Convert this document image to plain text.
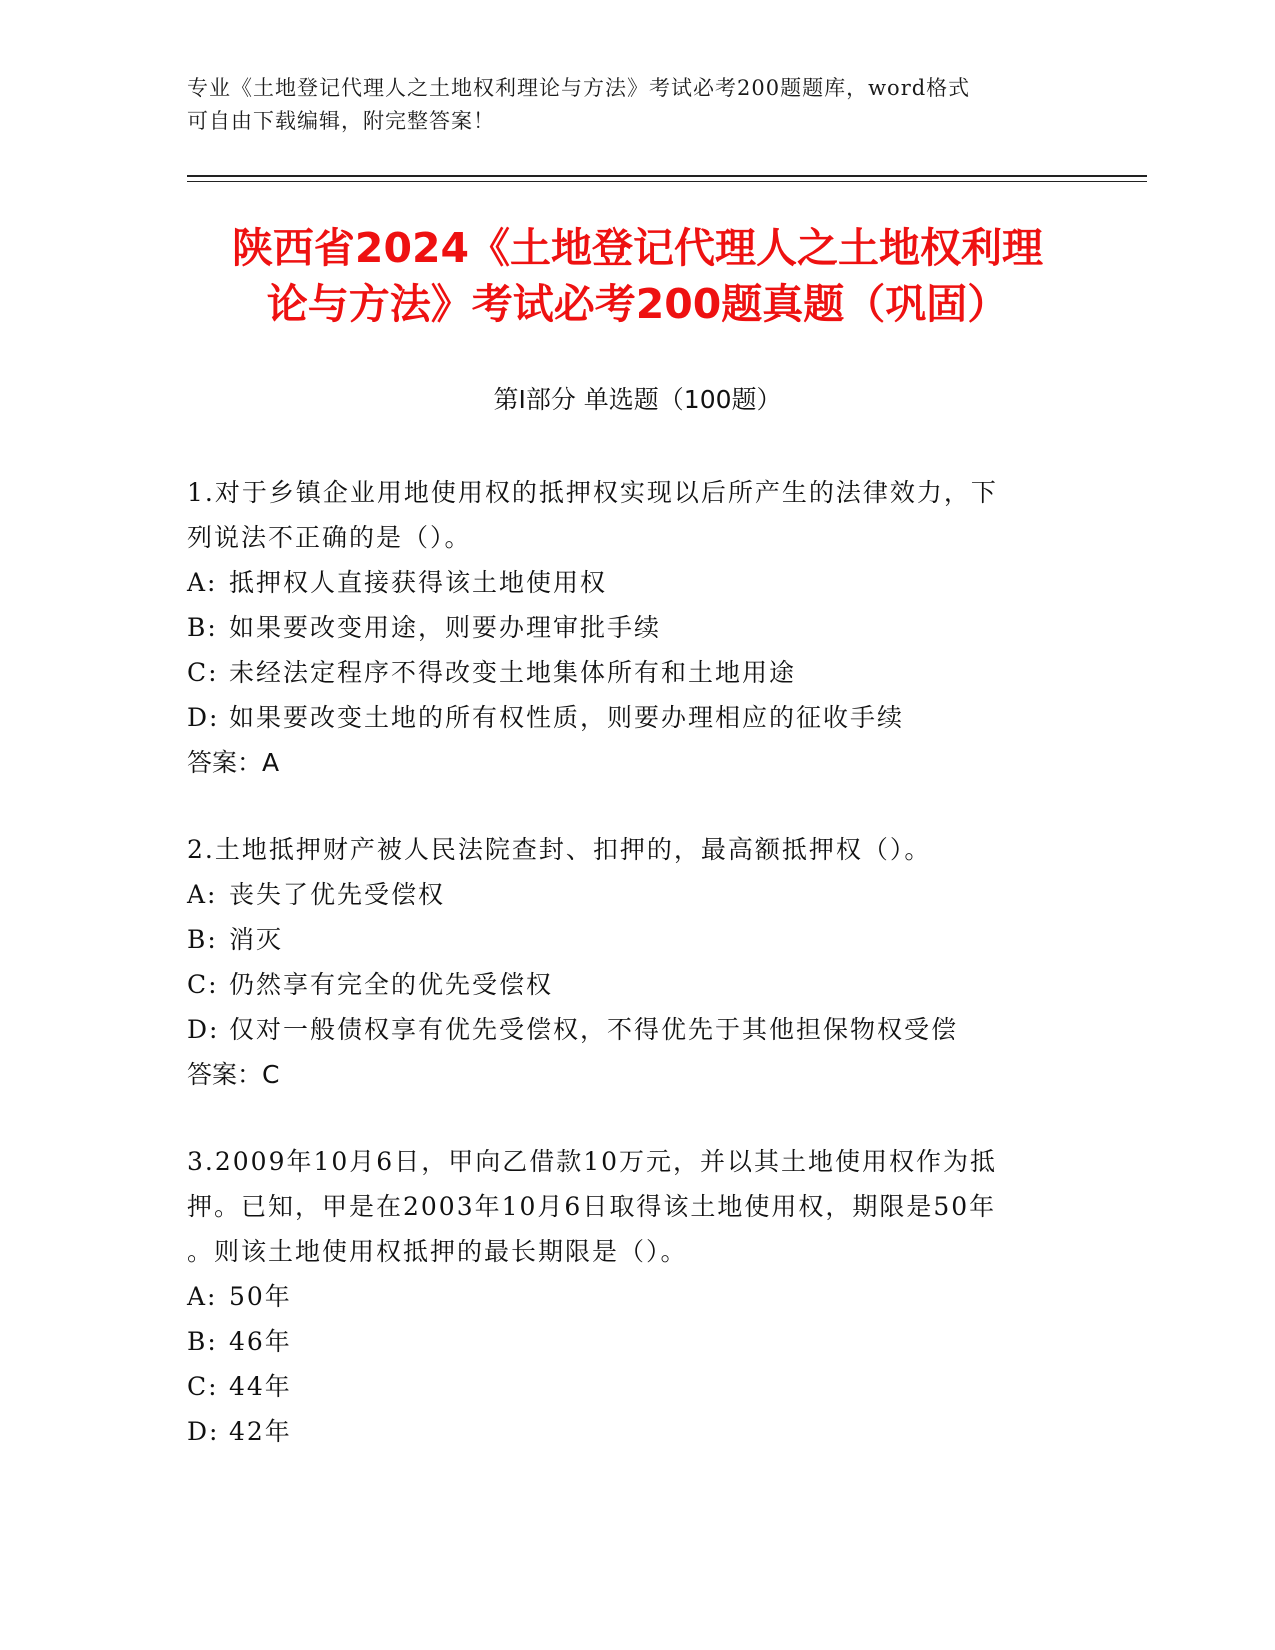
专业《土地登记代理人之土地权利理论与方法》考试必考200题题库，word格式
可自由下载编辑，附完整答案！
陕西省2024《土地登记代理人之土地权利理
论与方法》考试必考200题真题（巩固）
第Ⅰ部分 单选题（100题）
1.对于乡镇企业用地使用权的抵押权实现以后所产生的法律效力，下
列说法不正确的是（）。
A: 抵押权人直接获得该土地使用权
B: 如果要改变用途，则要办理审批手续
C: 未经法定程序不得改变土地集体所有和土地用途
D: 如果要改变土地的所有权性质，则要办理相应的征收手续
答案：A
2.土地抵押财产被人民法院查封、扣押的，最高额抵押权（）。
A: 丧失了优先受偿权
B: 消灭
C: 仍然享有完全的优先受偿权
D: 仅对一般债权享有优先受偿权，不得优先于其他担保物权受偿
答案：C
3.2009年10月6日，甲向乙借款10万元，并以其土地使用权作为抵
押。已知，甲是在2003年10月6日取得该土地使用权，期限是50年
。则该土地使用权抵押的最长期限是（）。
A: 50年
B: 46年
C: 44年
D: 42年
